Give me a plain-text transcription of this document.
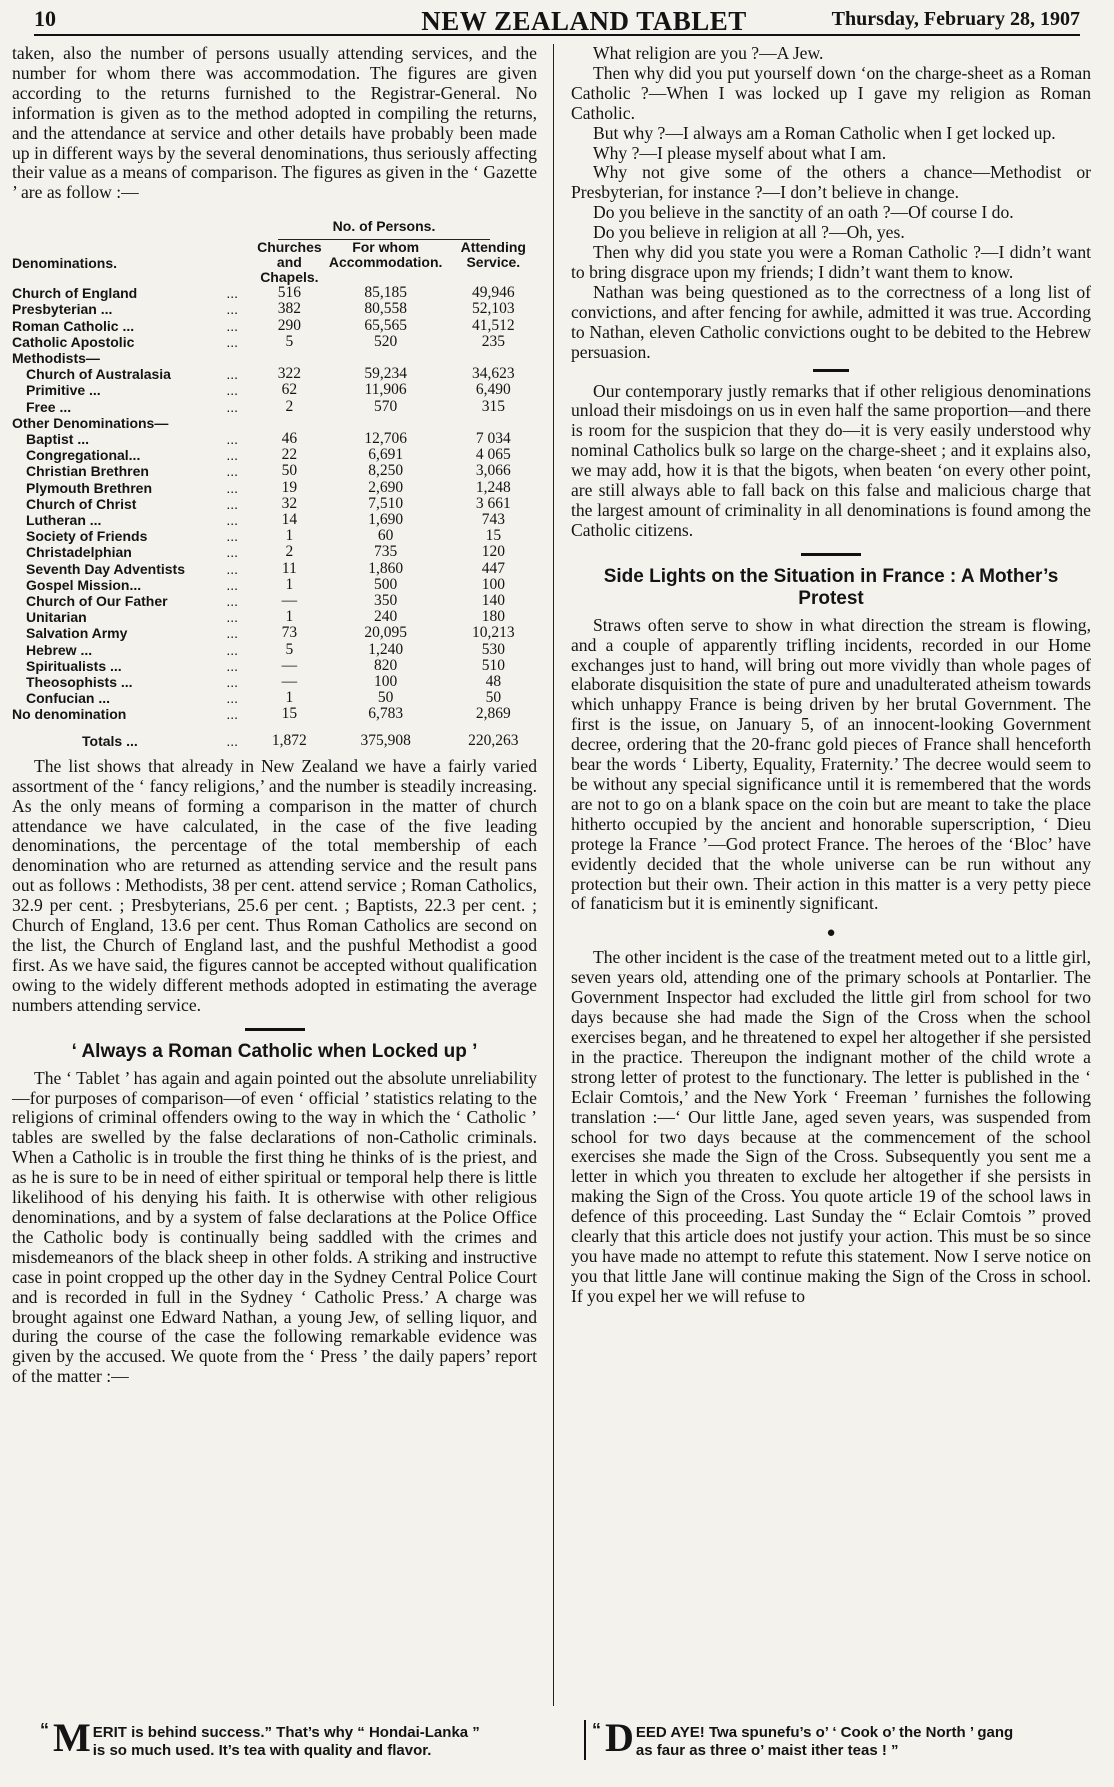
10	NEW ZEALAND TABLET	Thursday, February 28, 1907

taken, also the number of persons usually attending services, and the number for whom there was accommodation. The figures are given according to the returns furnished to the Registrar-General. No information is given as to the method adopted in compiling the returns, and the attendance at service and other details have probably been made up in different ways by the several denominations, thus seriously affecting their value as a means of comparison. The figures as given in the ‘ Gazette ’ are as follow :—

No. of Persons.
Denominations.		Churches and Chapels.	For whom Accommodation.	Attending Service.
Church of England	...	516	85,185	49,946
Presbyterian ...	...	382	80,558	52,103
Roman Catholic ...	...	290	65,565	41,512
Catholic Apostolic	...	5	520	235
Methodists—				
Church of Australasia	...	322	59,234	34,623
Primitive ...	...	62	11,906	6,490
Free ...	...	2	570	315
Other Denominations—				
Baptist ...	...	46	12,706	7 034
Congregational...	...	22	6,691	4 065
Christian Brethren	...	50	8,250	3,066
Plymouth Brethren	...	19	2,690	1,248
Church of Christ	...	32	7,510	3 661
Lutheran ...	...	14	1,690	743
Society of Friends	...	1	60	15
Christadelphian	...	2	735	120
Seventh Day Adventists	...	11	1,860	447
Gospel Mission...	...	1	500	100
Church of Our Father	...	—	350	140
Unitarian	...	1	240	180
Salvation Army	...	73	20,095	10,213
Hebrew ...	...	5	1,240	530
Spiritualists ...	...	—	820	510
Theosophists ...	...	—	100	48
Confucian ...	...	1	50	50
No denomination	...	15	6,783	2,869
Totals ...	...	1,872	375,908	220,263

The list shows that already in New Zealand we have a fairly varied assortment of the ‘ fancy religions,’ and the number is steadily increasing. As the only means of forming a comparison in the matter of church attendance we have calculated, in the case of the five leading denominations, the percentage of the total membership of each denomination who are returned as attending service and the result pans out as follows : Methodists, 38 per cent. attend service ; Roman Catholics, 32.9 per cent. ; Presbyterians, 25.6 per cent. ; Baptists, 22.3 per cent. ; Church of England, 13.6 per cent. Thus Roman Catholics are second on the list, the Church of England last, and the pushful Methodist a good first. As we have said, the figures cannot be accepted without qualification owing to the widely different methods adopted in estimating the average numbers attending service.

‘ Always a Roman Catholic when Locked up ’

The ‘ Tablet ’ has again and again pointed out the absolute unreliability—for purposes of comparison—of even ‘ official ’ statistics relating to the religions of criminal offenders owing to the way in which the ‘ Catholic ’ tables are swelled by the false declarations of non-Catholic criminals. When a Catholic is in trouble the first thing he thinks of is the priest, and as he is sure to be in need of either spiritual or temporal help there is little likelihood of his denying his faith. It is otherwise with other religious denominations, and by a system of false declarations at the Police Office the Catholic body is continually being saddled with the crimes and misdemeanors of the black sheep in other folds. A striking and instructive case in point cropped up the other day in the Sydney Central Police Court and is recorded in full in the Sydney ‘ Catholic Press.’ A charge was brought against one Edward Nathan, a young Jew, of selling liquor, and during the course of the case the following remarkable evidence was given by the accused. We quote from the ‘ Press ’ the daily papers’ report of the matter :—

What religion are you ?—A Jew.

Then why did you put yourself down ‘on the charge-sheet as a Roman Catholic ?—When I was locked up I gave my religion as Roman Catholic.

But why ?—I always am a Roman Catholic when I get locked up.

Why ?—I please myself about what I am.

Why not give some of the others a chance—Methodist or Presbyterian, for instance ?—I don’t believe in change.

Do you believe in the sanctity of an oath ?—Of course I do.

Do you believe in religion at all ?—Oh, yes.

Then why did you state you were a Roman Catholic ?—I didn’t want to bring disgrace upon my friends; I didn’t want them to know.

Nathan was being questioned as to the correctness of a long list of convictions, and after fencing for awhile, admitted it was true. According to Nathan, eleven Catholic convictions ought to be debited to the Hebrew persuasion.

Our contemporary justly remarks that if other religious denominations unload their misdoings on us in even half the same proportion—and there is room for the suspicion that they do—it is very easily understood why nominal Catholics bulk so large on the charge-sheet ; and it explains also, we may add, how it is that the bigots, when beaten ‘on every other point, are still always able to fall back on this false and malicious charge that the largest amount of criminality in all denominations is found among the Catholic citizens.

Side Lights on the Situation in France : A Mother’s Protest

Straws often serve to show in what direction the stream is flowing, and a couple of apparently trifling incidents, recorded in our Home exchanges just to hand, will bring out more vividly than whole pages of elaborate disquisition the state of pure and unadulterated atheism towards which unhappy France is being driven by her brutal Government. The first is the issue, on January 5, of an innocent-looking Government decree, ordering that the 20-franc gold pieces of France shall henceforth bear the words ‘ Liberty, Equality, Fraternity.’ The decree would seem to be without any special significance until it is remembered that the words are not to go on a blank space on the coin but are meant to take the place hitherto occupied by the ancient and honorable superscription, ‘ Dieu protege la France ’—God protect France. The heroes of the ‘Bloc’ have evidently decided that the whole universe can be run without any protection but their own. Their action in this matter is a very petty piece of fanaticism but it is eminently significant.

●

The other incident is the case of the treatment meted out to a little girl, seven years old, attending one of the primary schools at Pontarlier. The Government Inspector had excluded the little girl from school for two days because she had made the Sign of the Cross when the school exercises began, and he threatened to expel her altogether if she persisted in the practice. Thereupon the indignant mother of the child wrote a strong letter of protest to the functionary. The letter is published in the ‘ Eclair Comtois,’ and the New York ‘ Freeman ’ furnishes the following translation :—‘ Our little Jane, aged seven years, was suspended from school for two days because at the commencement of the school exercises she made the Sign of the Cross. Subsequently you sent me a letter in which you threaten to exclude her altogether if she persists in making the Sign of the Cross. You quote article 19 of the school laws in defence of this proceeding. Last Sunday the “ Eclair Comtois ” proved clearly that this article does not justify your action. This must be so since you have made no attempt to refute this statement. Now I serve notice on you that little Jane will continue making the Sign of the Cross in school. If you expel her we will refuse to

“ M ERIT is behind success.” That’s why “ Hondai-Lanka ”
is so much used. It’s tea with quality and flavor.
“ D EED AYE! Twa spunefu’s o’ ‘ Cook o’ the North ’ gang
as faur as three o’ maist ither teas ! ”
